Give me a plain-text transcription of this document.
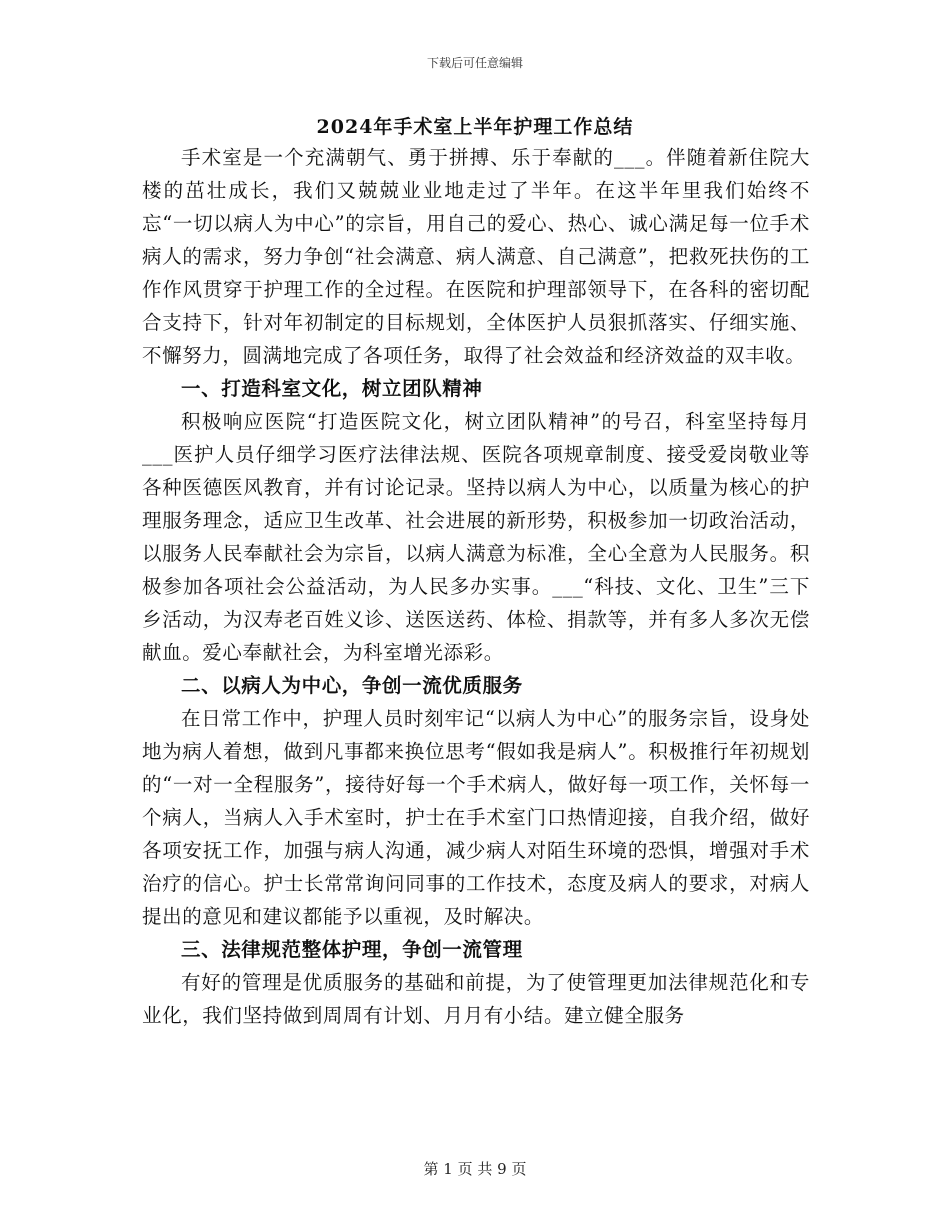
下载后可任意编辑
2024年手术室上半年护理工作总结

手术室是一个充满朝气、勇于拼搏、乐于奉献的___。伴随着新住院大楼的茁壮成长，我们又兢兢业业地走过了半年。在这半年里我们始终不忘“一切以病人为中心”的宗旨，用自己的爱心、热心、诚心满足每一位手术病人的需求，努力争创“社会满意、病人满意、自己满意”，把救死扶伤的工作作风贯穿于护理工作的全过程。在医院和护理部领导下，在各科的密切配合支持下，针对年初制定的目标规划，全体医护人员狠抓落实、仔细实施、不懈努力，圆满地完成了各项任务，取得了社会效益和经济效益的双丰收。

一、打造科室文化，树立团队精神

积极响应医院“打造医院文化，树立团队精神”的号召，科室坚持每月___医护人员仔细学习医疗法律法规、医院各项规章制度、接受爱岗敬业等各种医德医风教育，并有讨论记录。坚持以病人为中心，以质量为核心的护理服务理念，适应卫生改革、社会进展的新形势，积极参加一切政治活动，以服务人民奉献社会为宗旨，以病人满意为标准，全心全意为人民服务。积极参加各项社会公益活动，为人民多办实事。___“科技、文化、卫生”三下乡活动，为汉寿老百姓义诊、送医送药、体检、捐款等，并有多人多次无偿献血。爱心奉献社会，为科室增光添彩。

二、以病人为中心，争创一流优质服务

在日常工作中，护理人员时刻牢记“以病人为中心”的服务宗旨，设身处地为病人着想，做到凡事都来换位思考“假如我是病人”。积极推行年初规划的“一对一全程服务”，接待好每一个手术病人，做好每一项工作，关怀每一个病人，当病人入手术室时，护士在手术室门口热情迎接，自我介绍，做好各项安抚工作，加强与病人沟通，减少病人对陌生环境的恐惧，增强对手术治疗的信心。护士长常常询问同事的工作技术，态度及病人的要求，对病人提出的意见和建议都能予以重视，及时解决。

三、法律规范整体护理，争创一流管理

有好的管理是优质服务的基础和前提，为了使管理更加法律规范化和专业化，我们坚持做到周周有计划、月月有小结。建立健全服务

第 1 页 共 9 页
